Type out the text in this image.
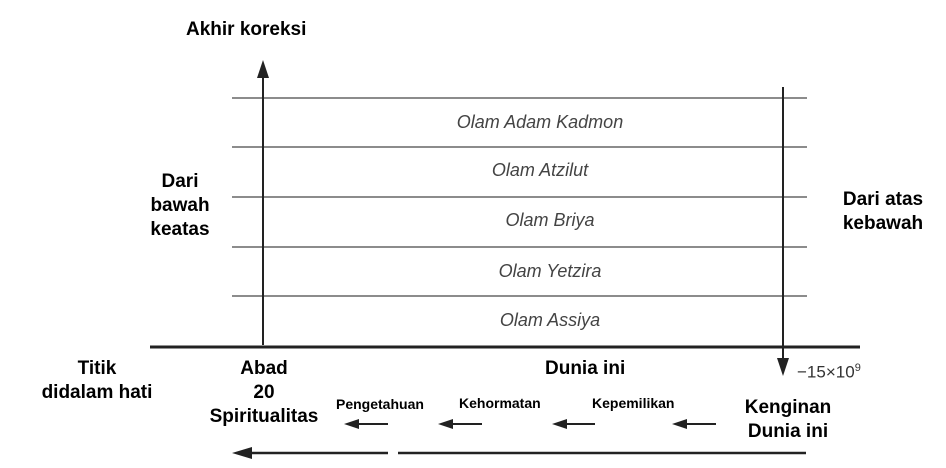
Akhir koreksi
Dari
bawah
keatas
Dari atas
kebawah
Olam Adam Kadmon
Olam Atzilut
Olam Briya
Olam Yetzira
Olam Assiya
Titik
didalam hati
Abad
20
Spiritualitas
Dunia ini	$-15\times 10^9$
Pengetahuan	Kehormatan	Kepemilikan	Kenginan
Dunia ini
